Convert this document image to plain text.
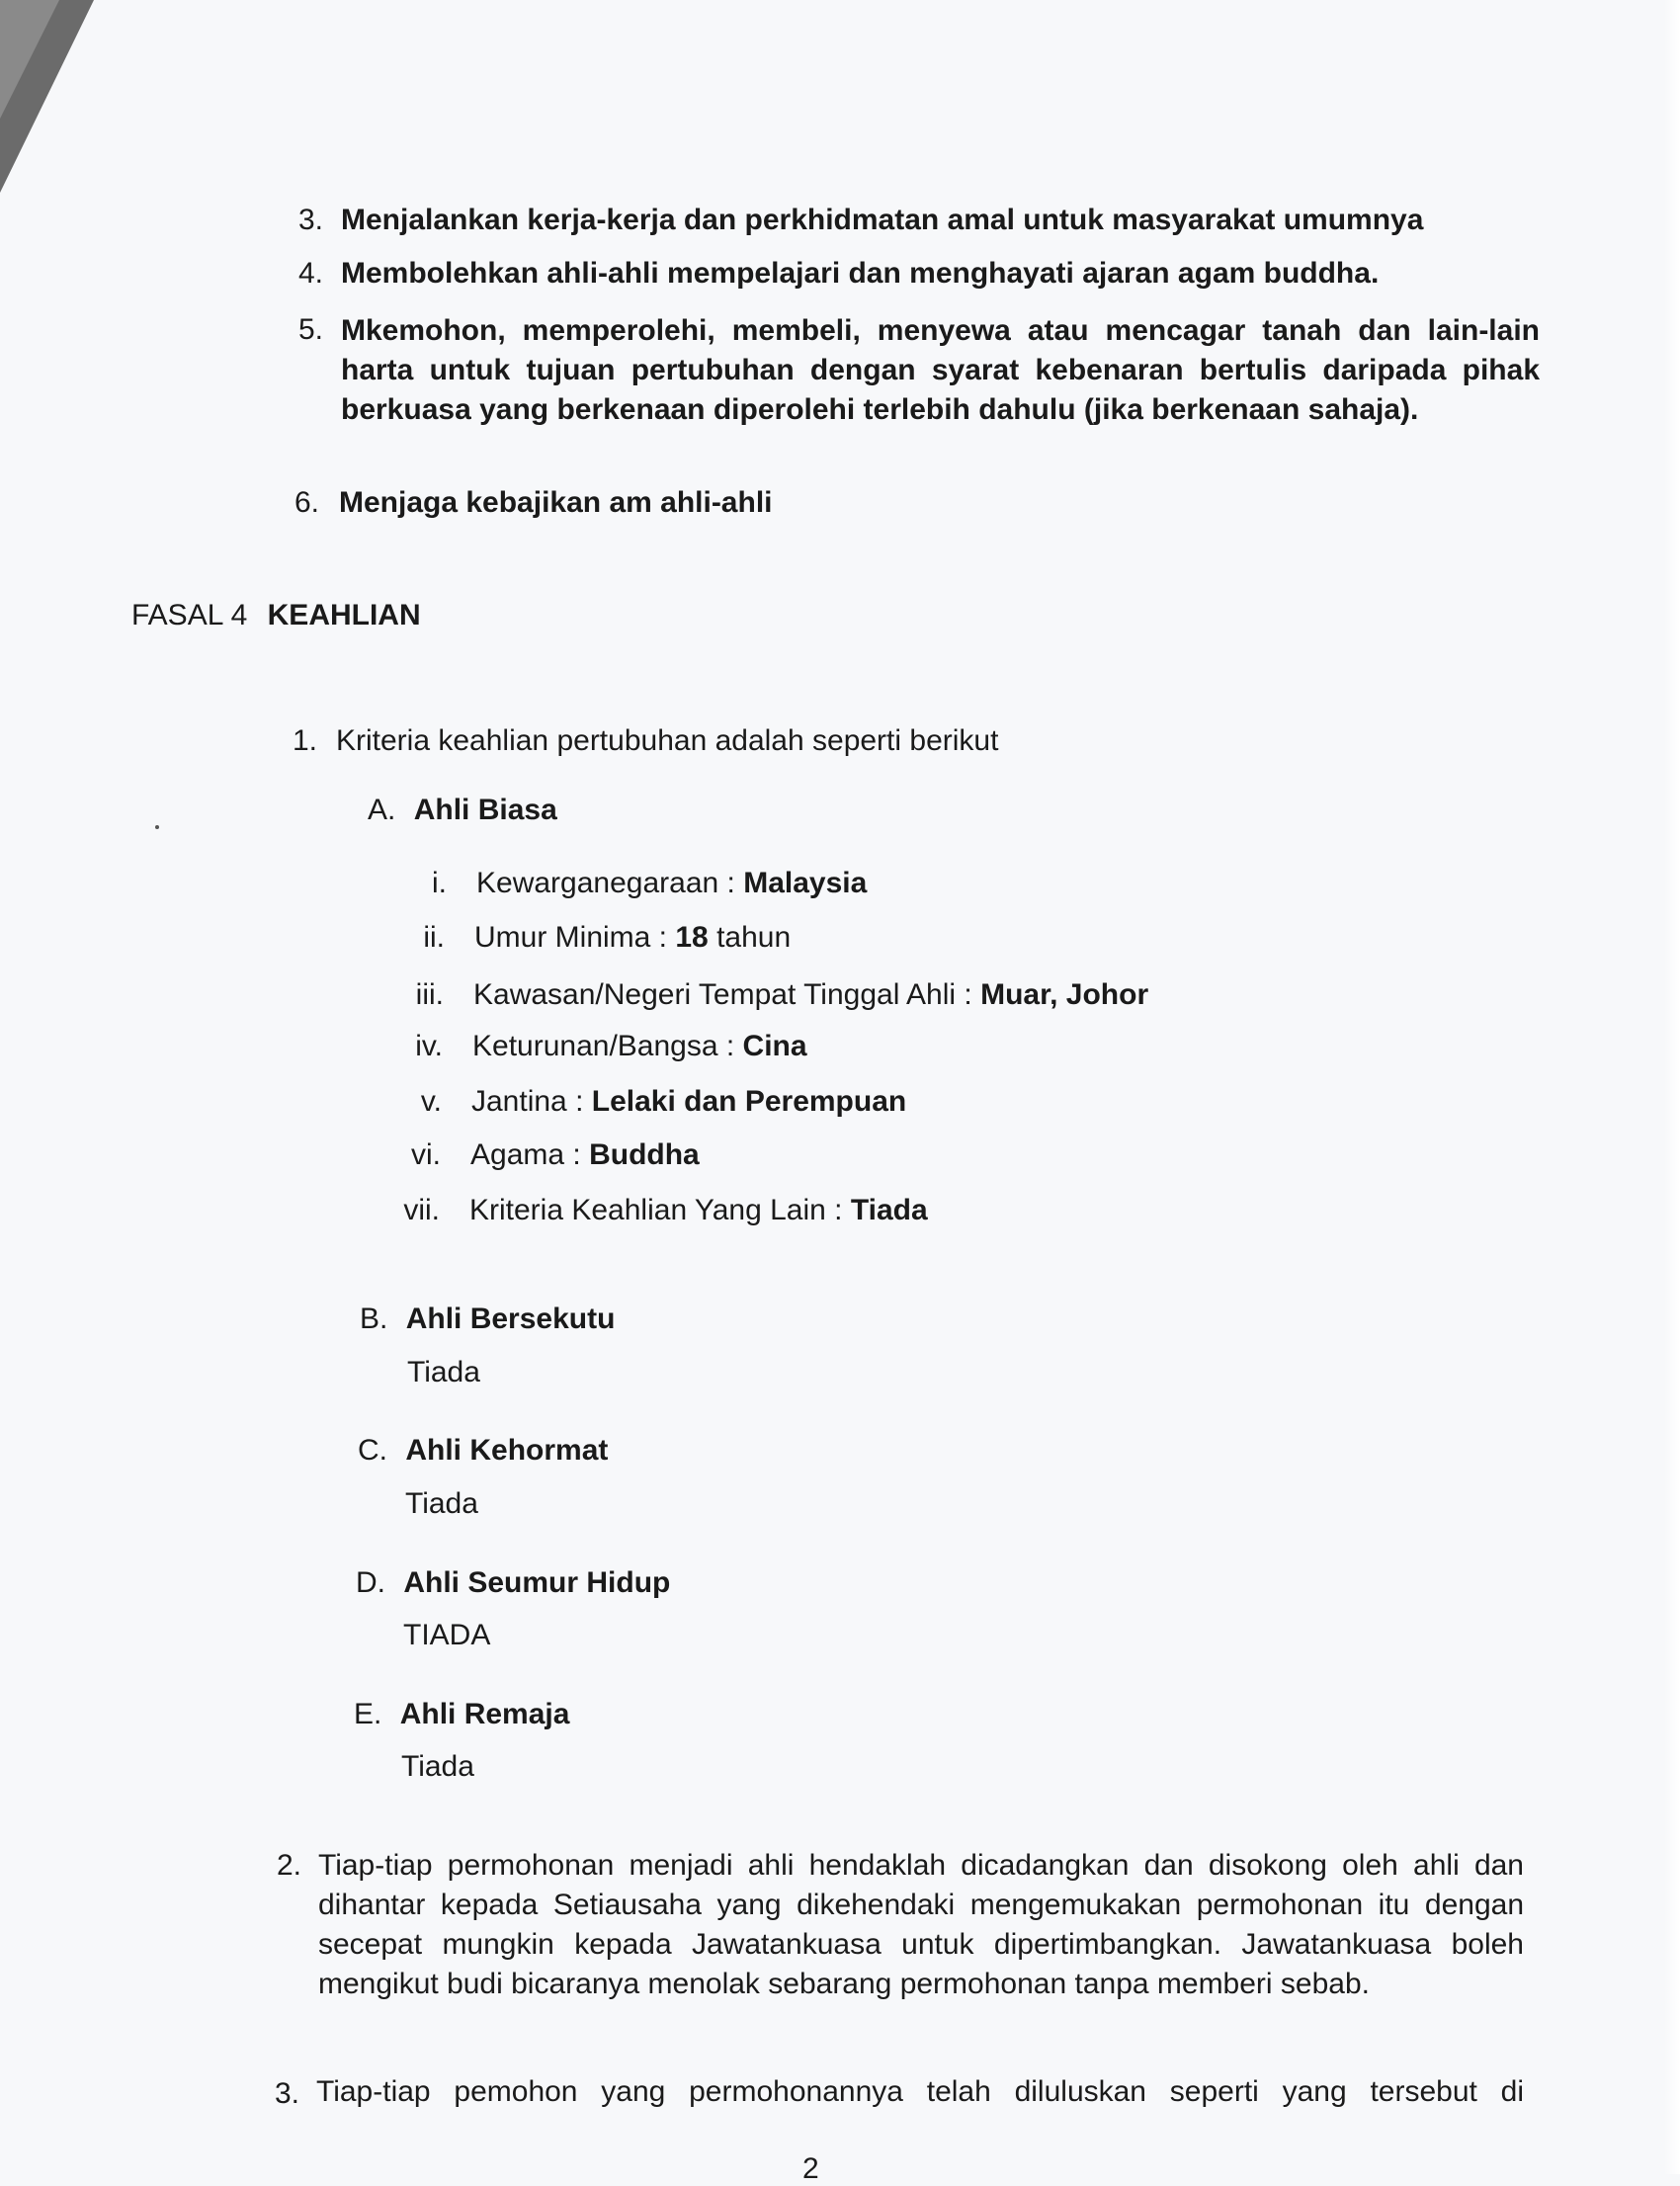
3. Menjalankan kerja-kerja dan perkhidmatan amal untuk masyarakat umumnya
4. Membolehkan ahli-ahli mempelajari dan menghayati ajaran agam buddha.
5. Mkemohon, memperolehi, membeli, menyewa atau mencagar tanah dan lain-lain harta untuk tujuan pertubuhan dengan syarat kebenaran bertulis daripada pihak berkuasa yang berkenaan diperolehi terlebih dahulu (jika berkenaan sahaja).
6. Menjaga kebajikan am ahli-ahli
FASAL 4 KEAHLIAN
1. Kriteria keahlian pertubuhan adalah seperti berikut
A. Ahli Biasa
i. Kewarganegaraan : Malaysia
ii. Umur Minima : 18 tahun
iii. Kawasan/Negeri Tempat Tinggal Ahli : Muar, Johor
iv. Keturunan/Bangsa : Cina
v. Jantina : Lelaki dan Perempuan
vi. Agama : Buddha
vii. Kriteria Keahlian Yang Lain : Tiada
B. Ahli Bersekutu
Tiada
C. Ahli Kehormat
Tiada
D. Ahli Seumur Hidup
TIADA
E. Ahli Remaja
Tiada
2. Tiap-tiap permohonan menjadi ahli hendaklah dicadangkan dan disokong oleh ahli dan dihantar kepada Setiausaha yang dikehendaki mengemukakan permohonan itu dengan secepat mungkin kepada Jawatankuasa untuk dipertimbangkan. Jawatankuasa boleh mengikut budi bicaranya menolak sebarang permohonan tanpa memberi sebab.
3. Tiap-tiap pemohon yang permohonannya telah diluluskan seperti yang tersebut di
2
